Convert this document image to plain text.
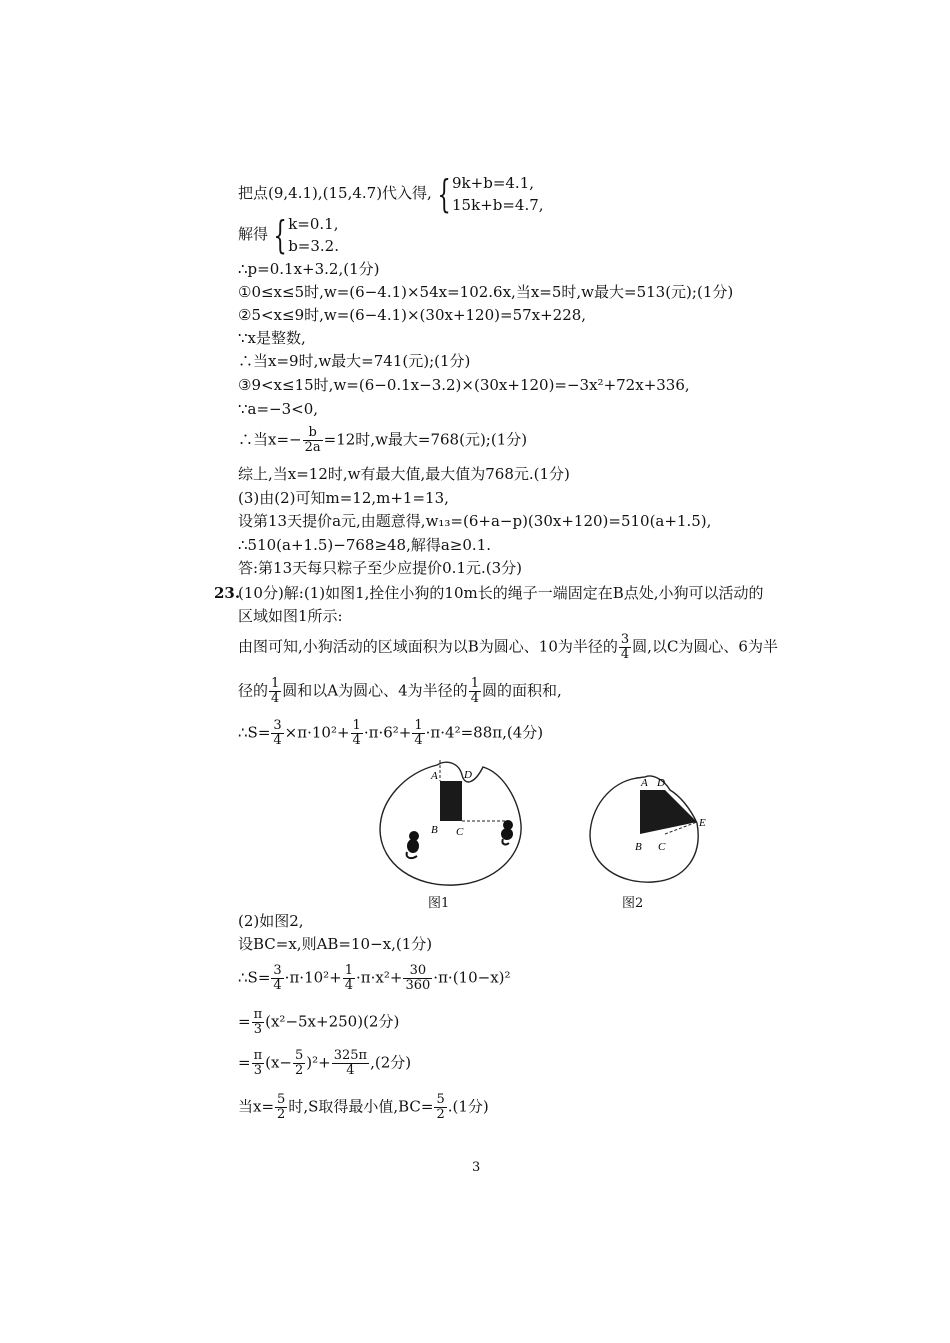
把点(9,4.1),(15,4.7)代入得, { 9k+b=4.1,
15k+b=4.7,
解得 { k=0.1,
b=3.2.
∴p=0.1x+3.2,(1分)
①0≤x≤5时,w=(6−4.1)×54x=102.6x,当x=5时,w最大=513(元);(1分)
②5<x≤9时,w=(6−4.1)×(30x+120)=57x+228,
∵x是整数,
∴当x=9时,w最大=741(元);(1分)
③9<x≤15时,w=(6−0.1x−3.2)×(30x+120)=−3x²+72x+336,
∵a=−3<0,
∴当$x=- \frac{b}{2a} =12$时,w最大=768(元);(1分)
综上,当x=12时,w有最大值,最大值为768元.(1分)
(3)由(2)可知m=12,m+1=13,
设第13天提价a元,由题意得,w₁₃=(6+a−p)(30x+120)=510(a+1.5),
∴510(a+1.5)−768≥48,解得a≥0.1.
答:第13天每只粽子至少应提价0.1元.(3分)
23.
(10分)解:(1)如图1,拴住小狗的10m长的绳子一端固定在B点处,小狗可以活动的
区域如图1所示:
由图可知,小狗活动的区域面积为以B为圆心、10为半径的 $\frac{3}{4}$ 圆,以C为圆心、6为半
径的 $\frac{1}{4}$ 圆和以A为圆心、4为半径的 $\frac{1}{4}$ 圆的面积和,
∴S= $\frac{3}{4} \times\pi\cdot 10^2+ \frac{1}{4} \cdot\pi\cdot 6^2+ \frac{1}{4} \cdot\pi\cdot 4^2=88\pi,(4$分)
A D
B C
图1
A D
E
B C
图2
(2)如图2,
设BC=x,则AB=10−x,(1分)
∴S= $\frac{3}{4} \cdot\pi\cdot 10^2+ \frac{1}{4} \cdot\pi\cdot x^2+ \frac{30}{360} \cdot\pi\cdot(10-x)^2$
= $\frac{\pi}{3} (x^2-5x+250)(2$分)
= $\frac{\pi}{3} (x- \frac{5}{2} )^2+ \frac{325\pi}{4} ,(2$分)
当$x= \frac{5}{2}$ 时,S取得最小值$,BC= \frac{5}{2} .(1$分)
3
